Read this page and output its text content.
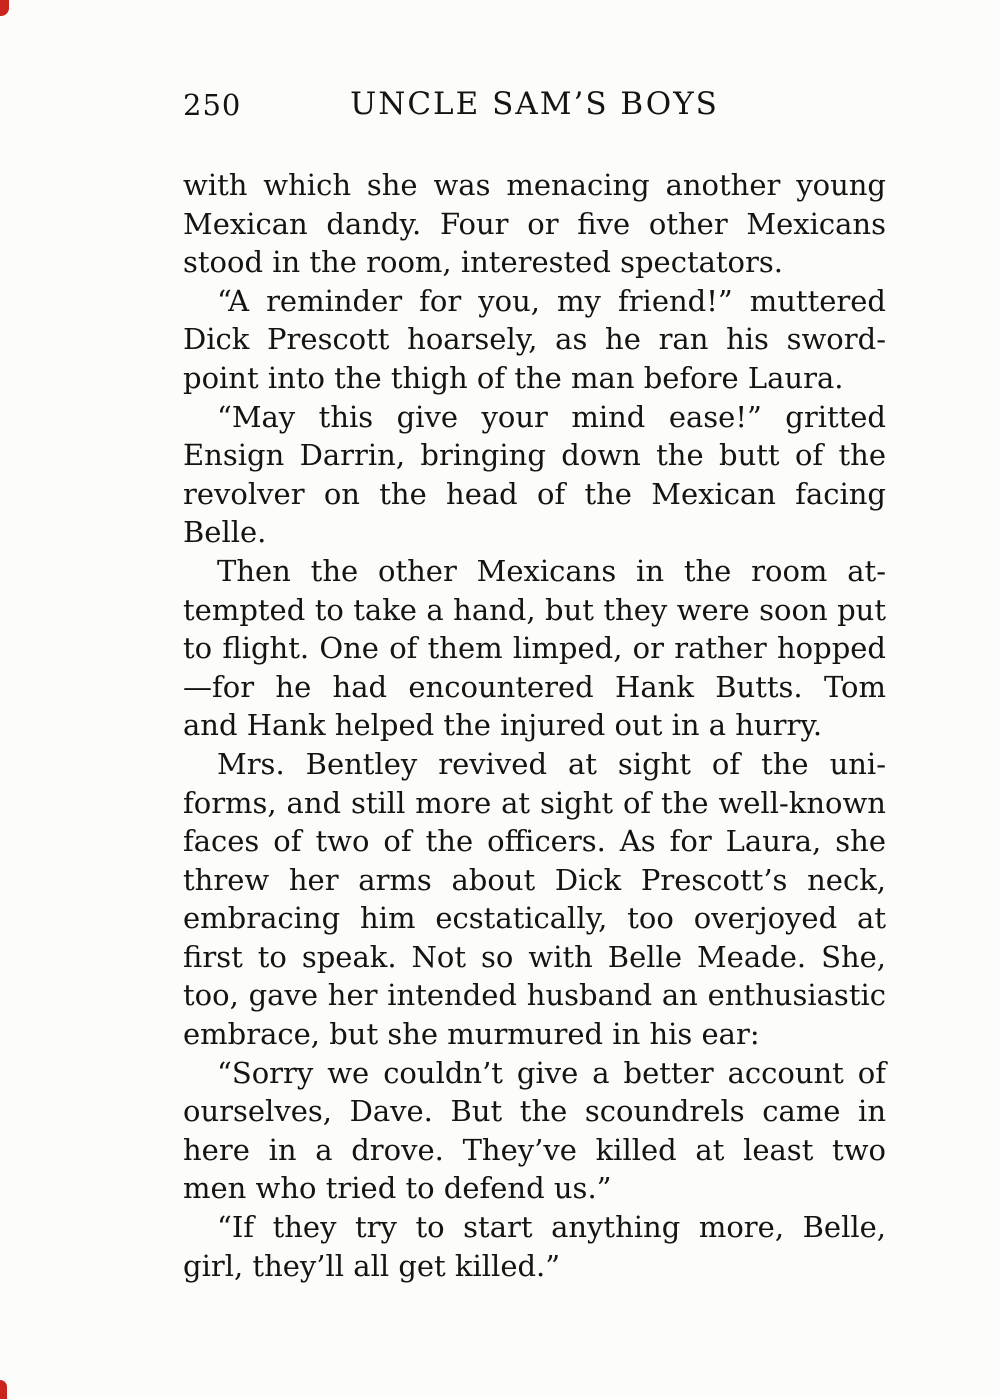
250	UNCLE SAM’S BOYS
with which she was menacing another young
Mexican dandy. Four or five other Mexicans
stood in the room, interested spectators.
“A reminder for you, my friend!” muttered
Dick Prescott hoarsely, as he ran his sword-
point into the thigh of the man before Laura.
“May this give your mind ease!” gritted
Ensign Darrin, bringing down the butt of the
revolver on the head of the Mexican facing
Belle.
Then the other Mexicans in the room at-
tempted to take a hand, but they were soon put
to flight. One of them limped, or rather hopped
—for he had encountered Hank Butts. Tom
and Hank helped the injured out in a hurry.
Mrs. Bentley revived at sight of the uni-
forms, and still more at sight of the well-known
faces of two of the officers. As for Laura, she
threw her arms about Dick Prescott’s neck,
embracing him ecstatically, too overjoyed at
first to speak. Not so with Belle Meade. She,
too, gave her intended husband an enthusiastic
embrace, but she murmured in his ear:
“Sorry we couldn’t give a better account of
ourselves, Dave. But the scoundrels came in
here in a drove. They’ve killed at least two
men who tried to defend us.”
“If they try to start anything more, Belle,
girl, they’ll all get killed.”
